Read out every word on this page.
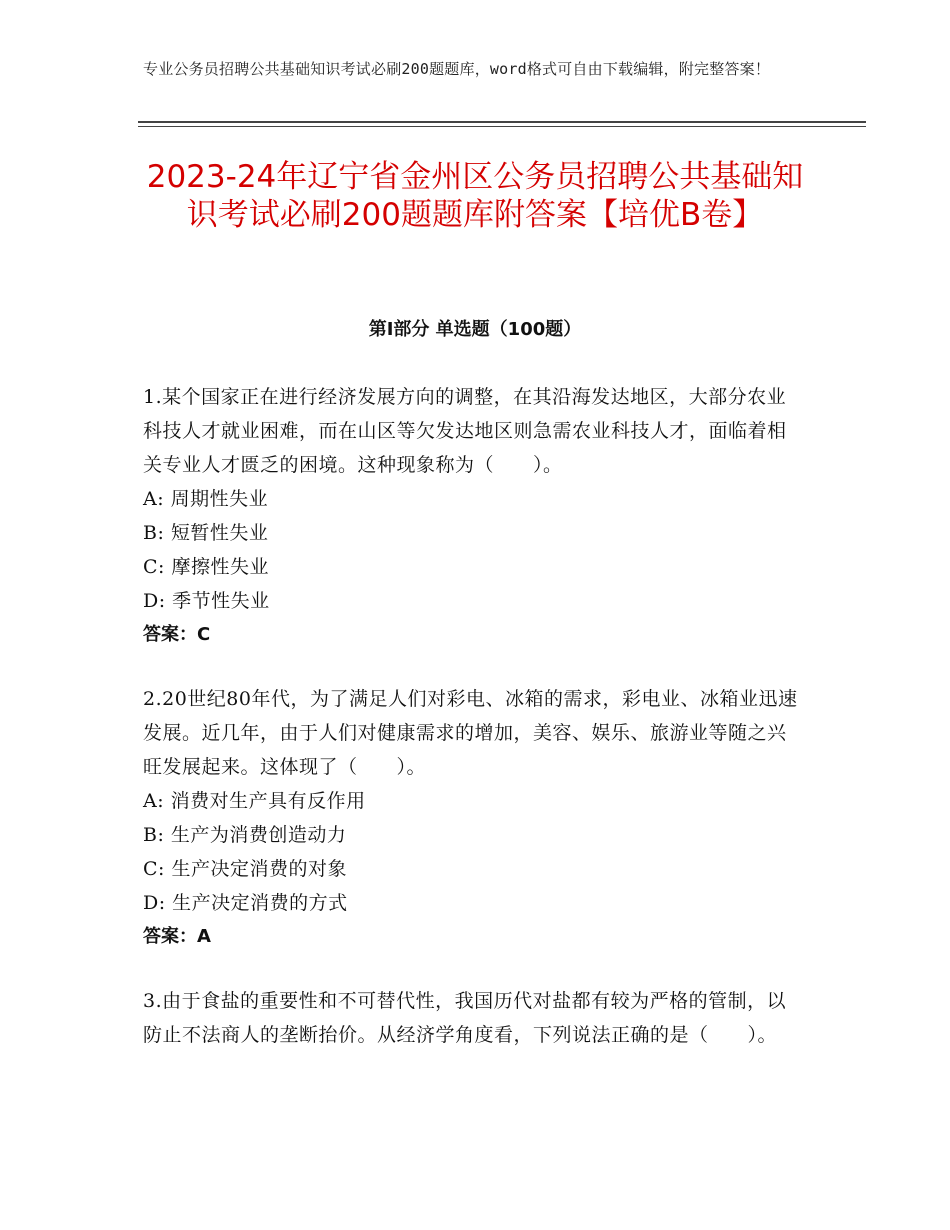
专业公务员招聘公共基础知识考试必刷200题题库，word格式可自由下载编辑，附完整答案！
2023-24年辽宁省金州区公务员招聘公共基础知识考试必刷200题题库附答案【培优B卷】
第Ⅰ部分 单选题（100题）
1.某个国家正在进行经济发展方向的调整，在其沿海发达地区，大部分农业科技人才就业困难，而在山区等欠发达地区则急需农业科技人才，面临着相关专业人才匮乏的困境。这种现象称为（　　）。
A: 周期性失业
B: 短暂性失业
C: 摩擦性失业
D: 季节性失业
答案：C
2.20世纪80年代，为了满足人们对彩电、冰箱的需求，彩电业、冰箱业迅速发展。近几年，由于人们对健康需求的增加，美容、娱乐、旅游业等随之兴旺发展起来。这体现了（　　）。
A: 消费对生产具有反作用
B: 生产为消费创造动力
C: 生产决定消费的对象
D: 生产决定消费的方式
答案：A
3.由于食盐的重要性和不可替代性，我国历代对盐都有较为严格的管制，以防止不法商人的垄断抬价。从经济学角度看，下列说法正确的是（　　）。
